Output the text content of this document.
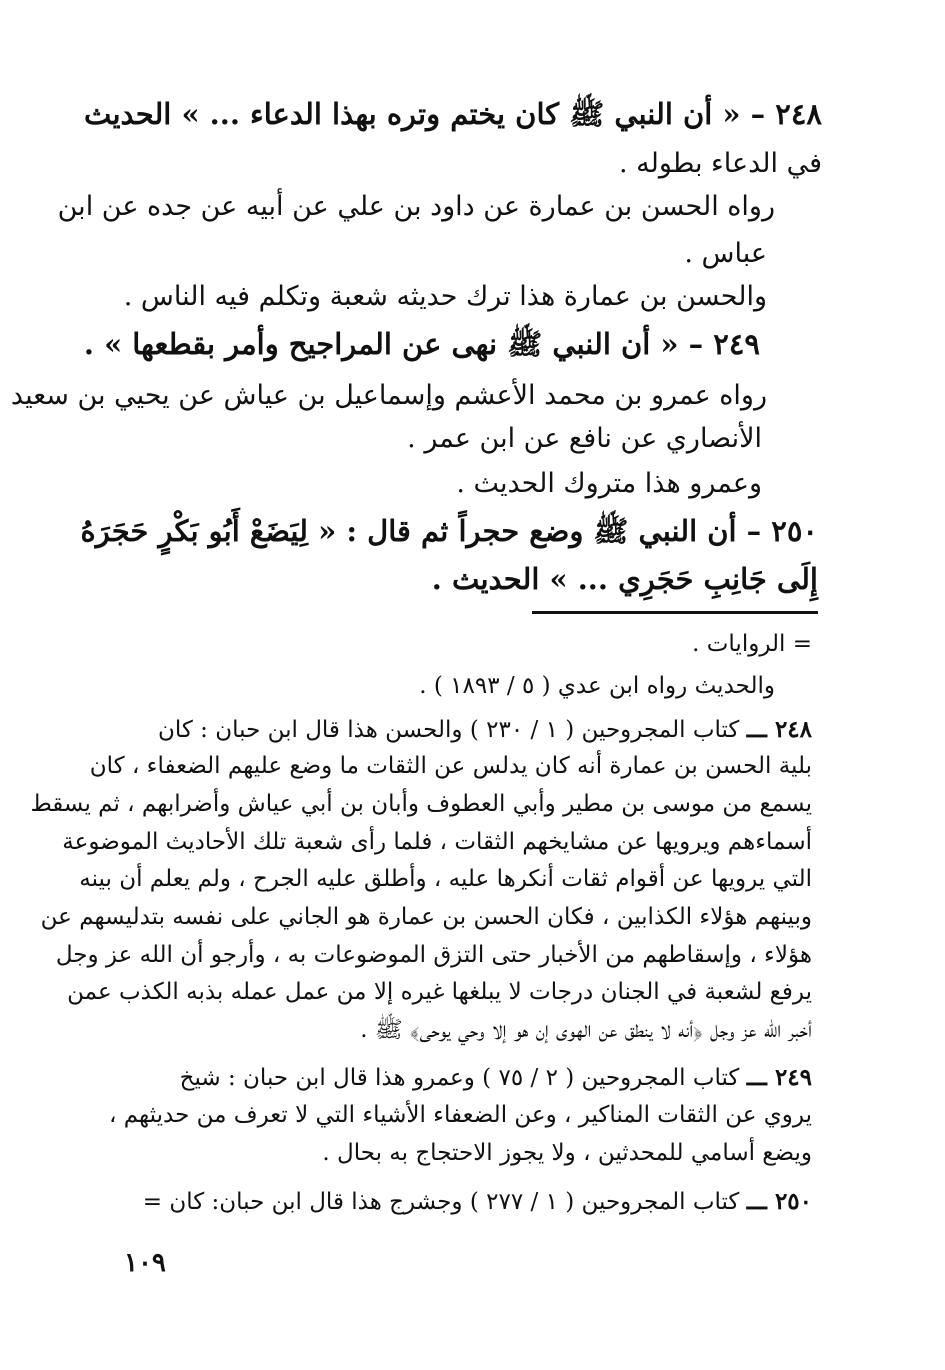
٢٤٨ – « أن النبي ﷺ كان يختم وتره بهذا الدعاء ... » الحديث
في الدعاء بطوله .
رواه الحسن بن عمارة عن داود بن علي عن أبيه عن جده عن ابن
عباس .
والحسن بن عمارة هذا ترك حديثه شعبة وتكلم فيه الناس .
٢٤٩ – « أن النبي ﷺ نهى عن المراجيح وأمر بقطعها » .
رواه عمرو بن محمد الأعشم وإسماعيل بن عياش عن يحيي بن سعيد
الأنصاري عن نافع عن ابن عمر .
وعمرو هذا متروك الحديث .
٢٥٠ – أن النبي ﷺ وضع حجراً ثم قال : « لِيَضَعْ أَبُو بَكْرٍ حَجَرَهُ
إِلَى جَانِبِ حَجَرِي ... » الحديث .
= الروايات .
والحديث رواه ابن عدي ( ٥ / ١٨٩٣ ) .
٢٤٨ ـــ كتاب المجروحين ( ١ / ٢٣٠ ) والحسن هذا قال ابن حبان : كان
بلية الحسن بن عمارة أنه كان يدلس عن الثقات ما وضع عليهم الضعفاء ، كان
يسمع من موسى بن مطير وأبي العطوف وأبان بن أبي عياش وأضرابهم ، ثم يسقط
أسماءهم ويرويها عن مشايخهم الثقات ، فلما رأى شعبة تلك الأحاديث الموضوعة
التي يرويها عن أقوام ثقات أنكرها عليه ، وأطلق عليه الجرح ، ولم يعلم أن بينه
وبينهم هؤلاء الكذابين ، فكان الحسن بن عمارة هو الجاني على نفسه بتدليسهم عن
هؤلاء ، وإسقاطهم من الأخبار حتى التزق الموضوعات به ، وأرجو أن الله عز وجل
يرفع لشعبة في الجنان درجات لا يبلغها غيره إلا من عمل عمله بذبه الكذب عمن
أخبر الله عز وجل ﴿أنه لا ينطق عن الهوى إن هو إلا وحي يوحى﴾ ﷺ .
٢٤٩ ـــ كتاب المجروحين ( ٢ / ٧٥ ) وعمرو هذا قال ابن حبان : شيخ
يروي عن الثقات المناكير ، وعن الضعفاء الأشياء التي لا تعرف من حديثهم ،
ويضع أسامي للمحدثين ، ولا يجوز الاحتجاج به بحال .
٢٥٠ ـــ كتاب المجروحين ( ١ / ٢٧٧ ) وجشرج هذا قال ابن حبان: كان =
١٠٩
